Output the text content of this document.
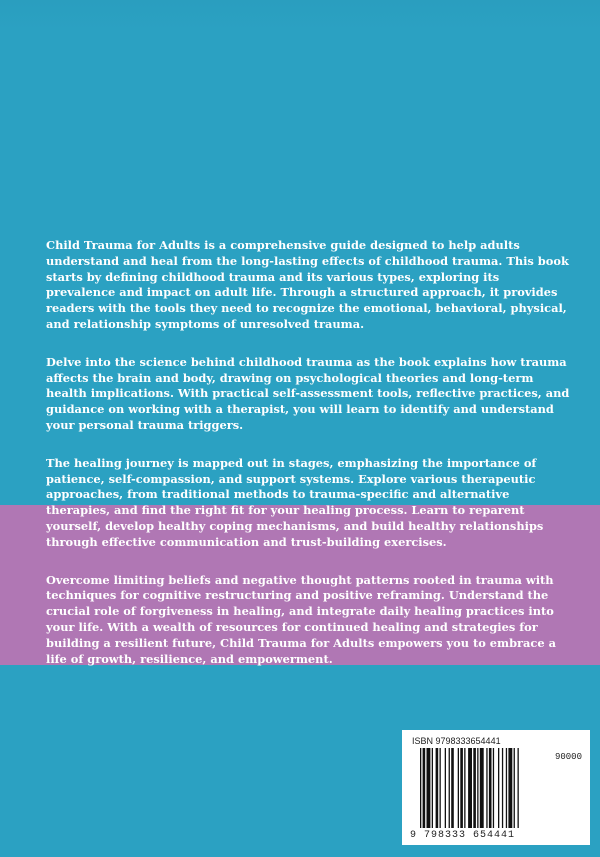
Child Trauma for Adults is a comprehensive guide designed to help adults understand and heal from the long-lasting effects of childhood trauma. This book starts by defining childhood trauma and its various types, exploring its prevalence and impact on adult life. Through a structured approach, it provides readers with the tools they need to recognize the emotional, behavioral, physical, and relationship symptoms of unresolved trauma.

Delve into the science behind childhood trauma as the book explains how trauma affects the brain and body, drawing on psychological theories and long-term health implications. With practical self-assessment tools, reflective practices, and guidance on working with a therapist, you will learn to identify and understand your personal trauma triggers.

The healing journey is mapped out in stages, emphasizing the importance of patience, self-compassion, and support systems. Explore various therapeutic approaches, from traditional methods to trauma-specific and alternative therapies, and find the right fit for your healing process. Learn to reparent yourself, develop healthy coping mechanisms, and build healthy relationships through effective communication and trust-building exercises.

Overcome limiting beliefs and negative thought patterns rooted in trauma with techniques for cognitive restructuring and positive reframing. Understand the crucial role of forgiveness in healing, and integrate daily healing practices into your life. With a wealth of resources for continued healing and strategies for building a resilient future, Child Trauma for Adults empowers you to embrace a life of growth, resilience, and empowerment.

ISBN 9798333654441
90000
9 798333 654441
